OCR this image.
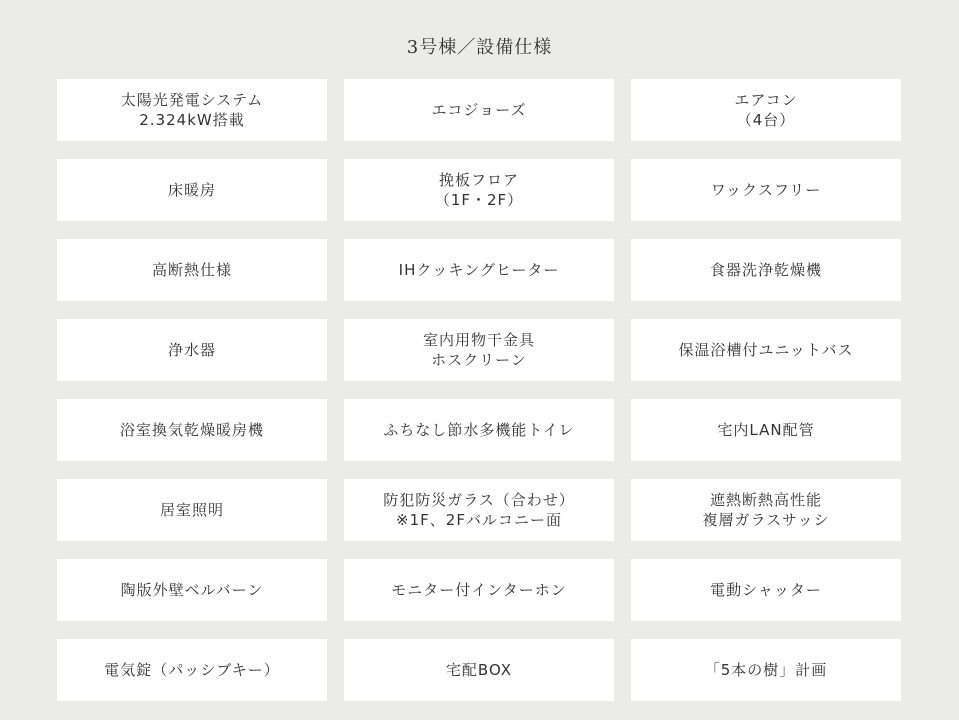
3号棟／設備仕様
太陽光発電システム
2.324kW搭載
エコジョーズ
エアコン
（4台）
床暖房
挽板フロア
（1F・2F）
ワックスフリー
高断熱仕様	IHクッキングヒーター	食器洗浄乾燥機
浄水器
室内用物干金具
ホスクリーン
保温浴槽付ユニットバス
浴室換気乾燥暖房機	ふちなし節水多機能トイレ	宅内LAN配管
居室照明
防犯防災ガラス（合わせ）
※1F、2Fバルコニー面
遮熱断熱高性能
複層ガラスサッシ
陶版外壁ベルバーン	モニター付インターホン	電動シャッター
電気錠（パッシブキー）	宅配BOX	「5本の樹」計画
